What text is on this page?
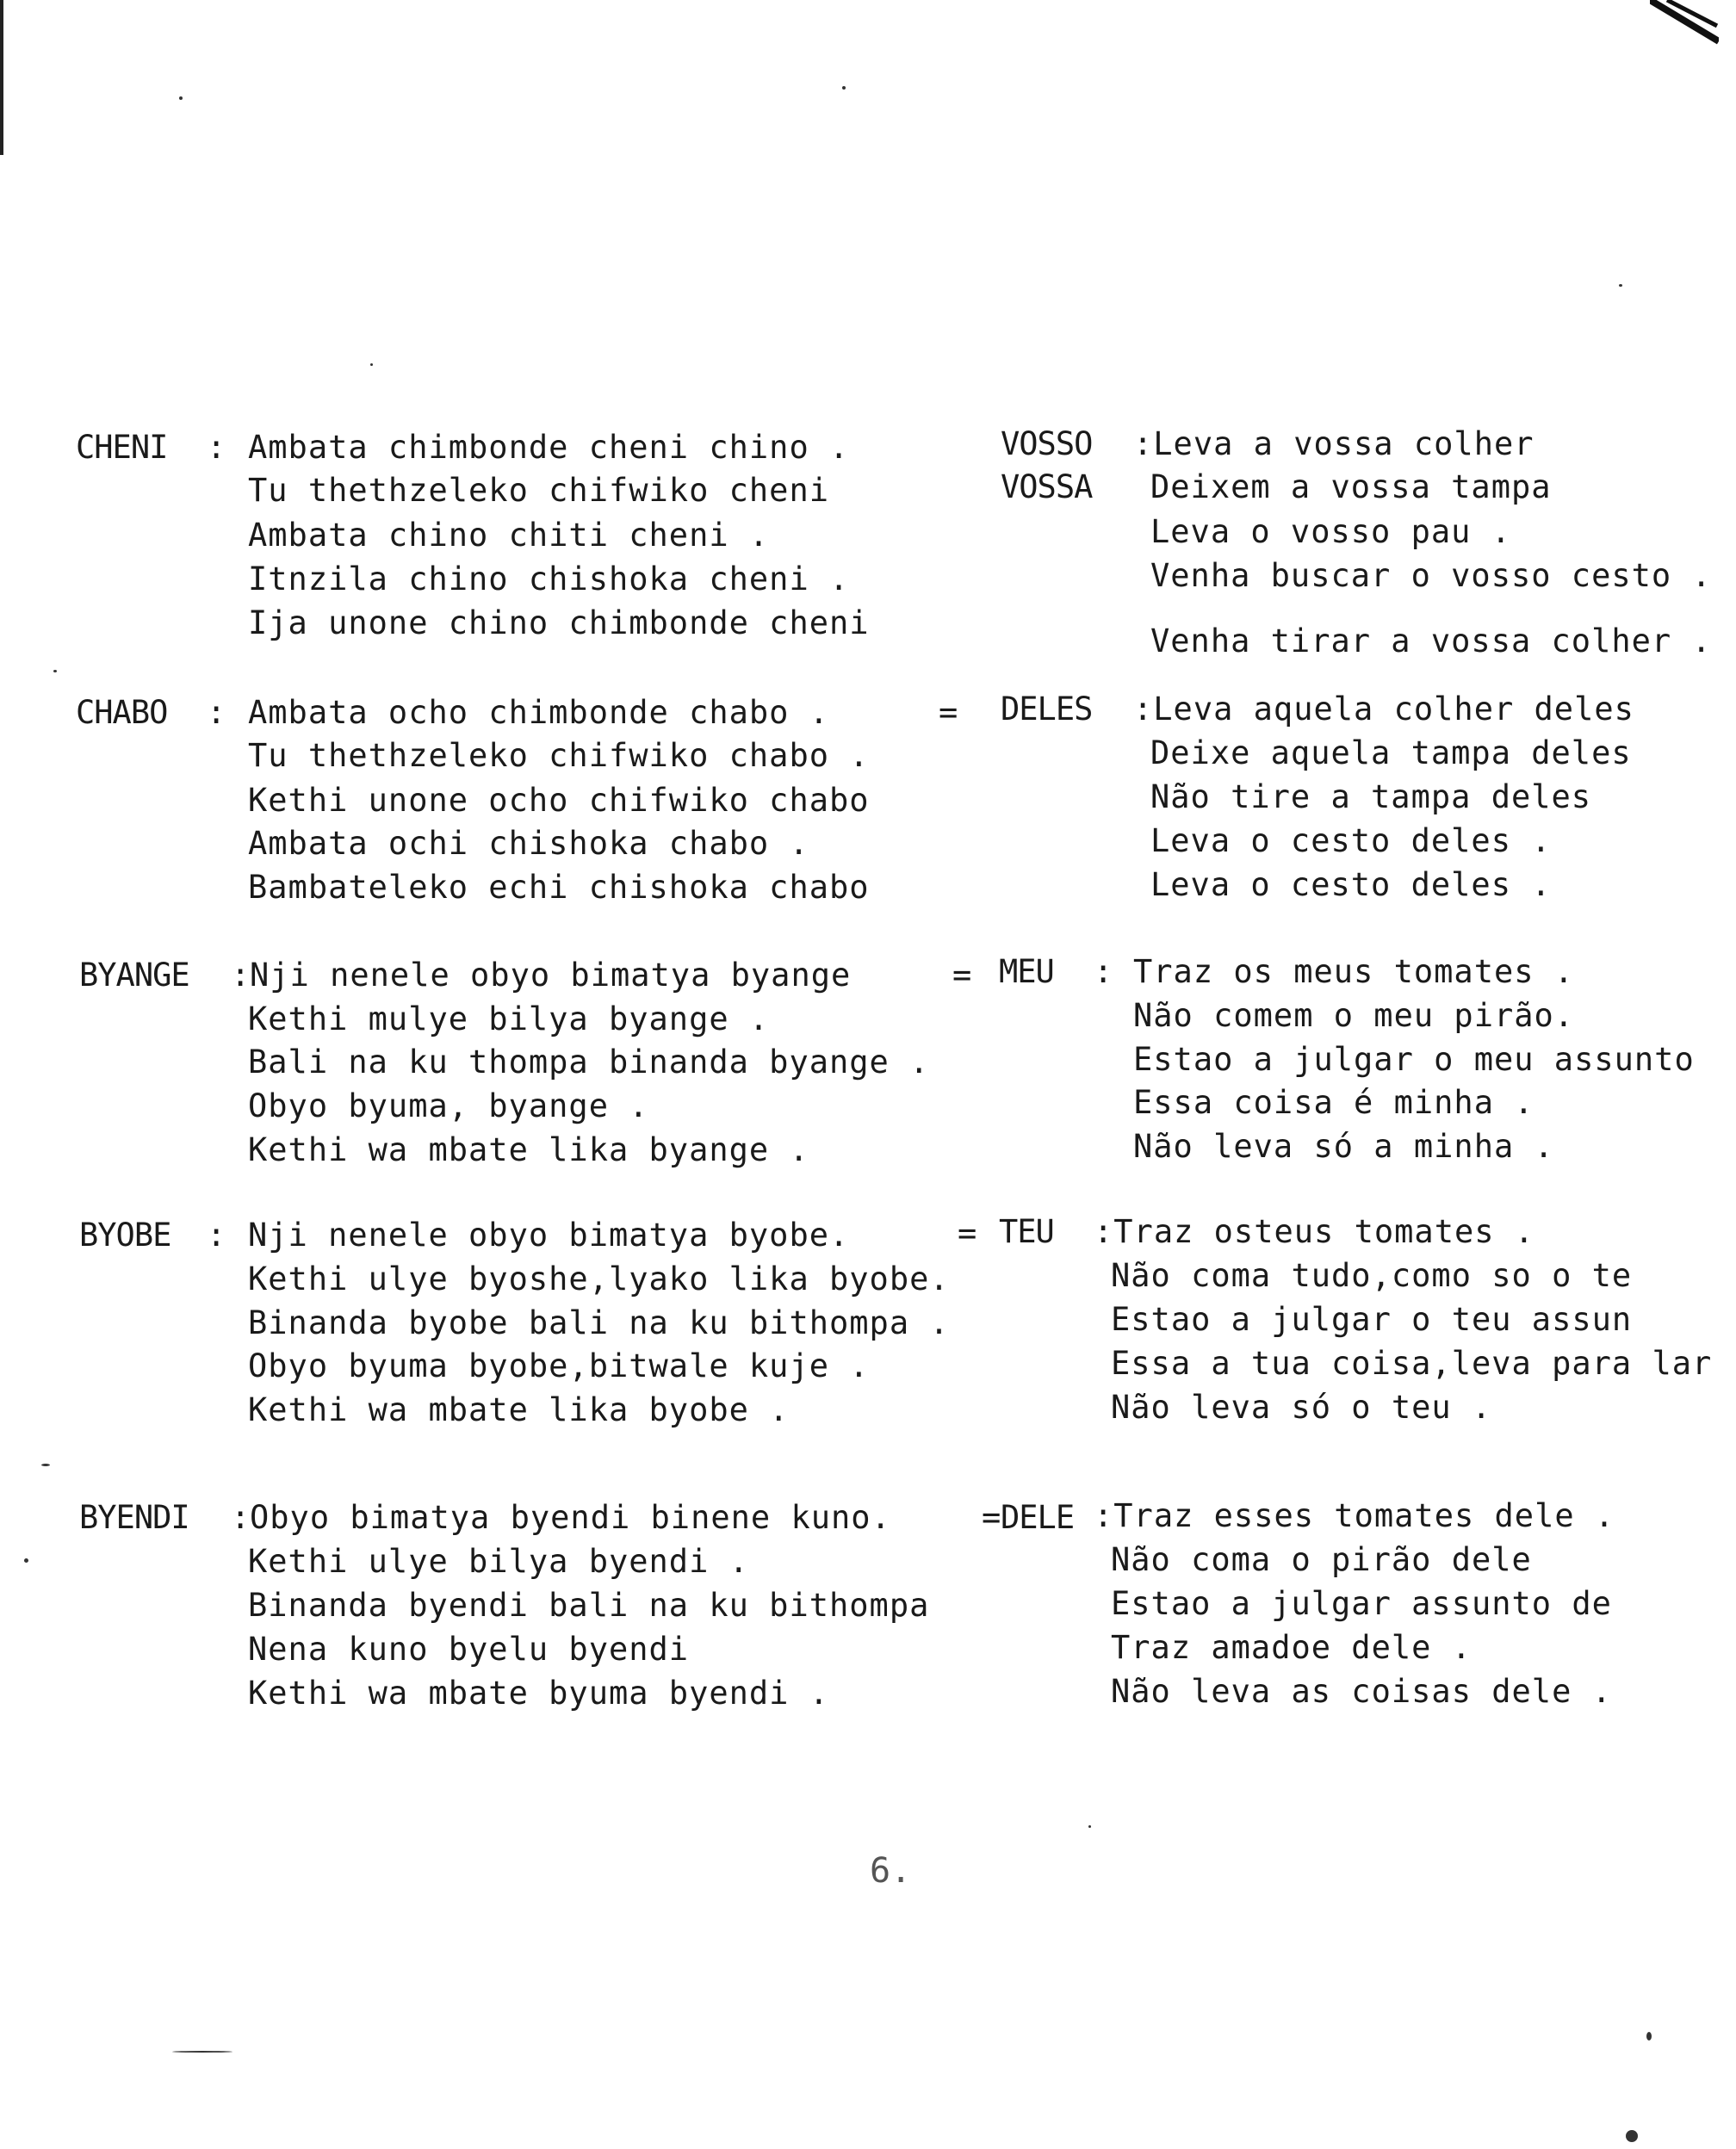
CHENI : Ambata chimbonde cheni chino .
Tu thethzeleko chifwiko cheni
Ambata chino chiti cheni .
Itnzila chino chishoka cheni .
Ija unone chino chimbonde cheni
VOSSO
VOSSA
:Leva a vossa colher
Deixem a vossa tampa
Leva o vosso pau .
Venha buscar o vosso cesto .
Venha tirar a vossa colher .
CHABO : Ambata ocho chimbonde chabo .
Tu thethzeleko chifwiko chabo .
Kethi unone ocho chifwiko chabo
Ambata ochi chishoka chabo .
Bambateleko echi chishoka chabo
= DELES :Leva aquela colher deles
Deixe aquela tampa deles
Não tire a tampa deles
Leva o cesto deles .
Leva o cesto deles .
BYANGE : Nji nenele obyo bimatya byange
Kethi mulye bilya byange .
Bali na ku thompa binanda byange .
Obyo byuma, byange .
Kethi wa mbate lika byange .
= MEU : Traz os meus tomates .
Não comem o meu pirão.
Estao a julgar o meu assunto
Essa coisa é minha .
Não leva só a minha .
BYOBE : Nji nenele obyo bimatya byobe.
Kethi ulye byoshe,lyako lika byobe.
Binanda byobe bali na ku bithompa .
Obyo byuma byobe,bitwale kuje .
Kethi wa mbate lika byobe .
= TEU :Traz osteus tomates .
Não coma tudo,como so o te
Estao a julgar o teu assun
Essa a tua coisa,leva para lar
Não leva só o teu .
BYENDI : Obyo bimatya byendi binene kuno.
Kethi ulye bilya byendi .
Binanda byendi bali na ku bithompa
Nena kuno byelu byendi
Kethi wa mbate byuma byendi .
= DELE :Traz esses tomates dele .
Não coma o pirão dele
Estao a julgar assunto de
Traz amadoe dele .
Não leva as coisas dele .
6.
